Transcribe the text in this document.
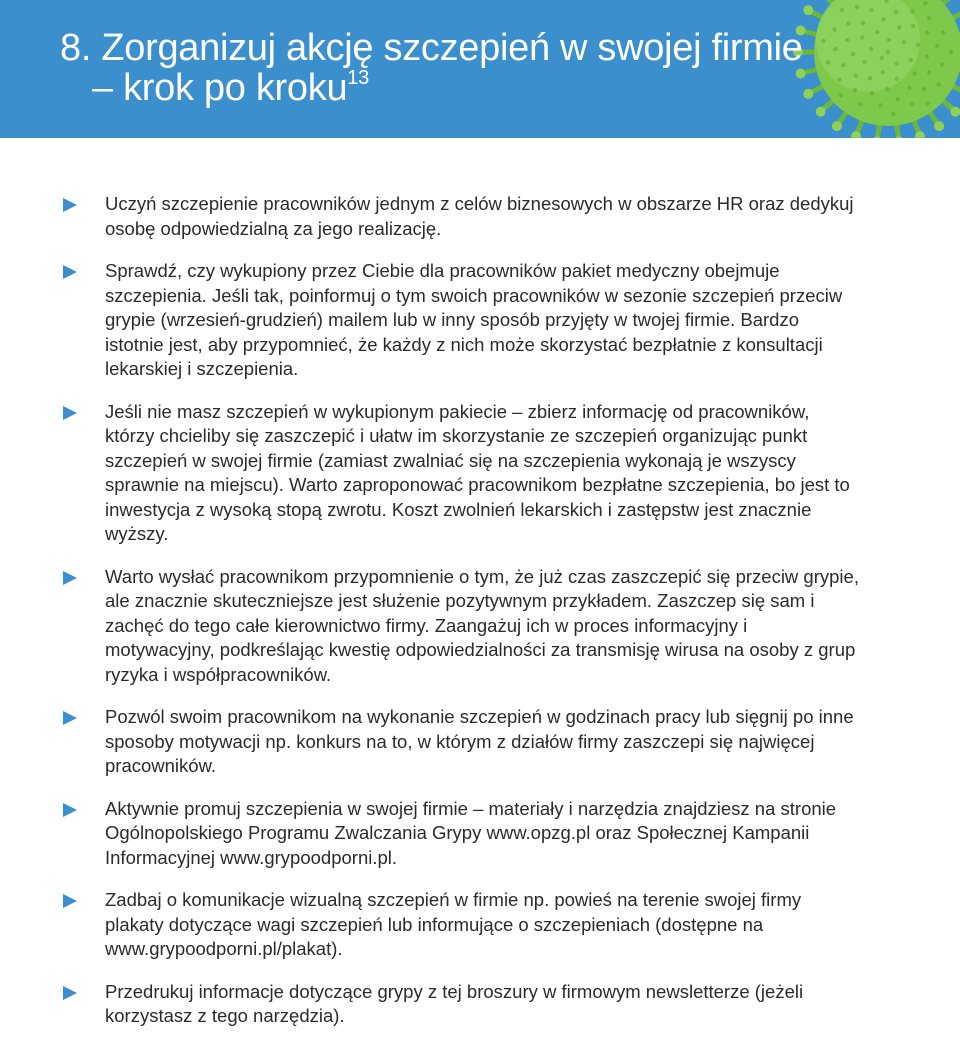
8. Zorganizuj akcję szczepień w swojej firmie
– krok po kroku$^{13}$
Uczyń szczepienie pracowników jednym z celów biznesowych w obszarze HR oraz dedykuj osobę odpowiedzialną za jego realizację.
Sprawdź, czy wykupiony przez Ciebie dla pracowników pakiet medyczny obejmuje szczepienia. Jeśli tak, poinformuj o tym swoich pracowników w sezonie szczepień przeciw grypie (wrzesień-grudzień) mailem lub w inny sposób przyjęty w twojej firmie. Bardzo istotnie jest, aby przypomnieć, że każdy z nich może skorzystać bezpłatnie z konsultacji lekarskiej i szczepienia.
Jeśli nie masz szczepień w wykupionym pakiecie – zbierz informację od pracowników, którzy chcieliby się zaszczepić i ułatw im skorzystanie ze szczepień organizując punkt szczepień w swojej firmie (zamiast zwalniać się na szczepienia wykonają je wszyscy sprawnie na miejscu). Warto zaproponować pracownikom bezpłatne szczepienia, bo jest to inwestycja z wysoką stopą zwrotu. Koszt zwolnień lekarskich i zastępstw jest znacznie wyższy.
Warto wysłać pracownikom przypomnienie o tym, że już czas zaszczepić się przeciw grypie, ale znacznie skuteczniejsze jest służenie pozytywnym przykładem. Zaszczep się sam i zachęć do tego całe kierownictwo firmy. Zaangażuj ich w proces informacyjny i motywacyjny, podkreślając kwestię odpowiedzialności za transmisję wirusa na osoby z grup ryzyka i współpracowników.
Pozwól swoim pracownikom na wykonanie szczepień w godzinach pracy lub sięgnij po inne sposoby motywacji np. konkurs na to, w którym z działów firmy zaszczepi się najwięcej pracowników.
Aktywnie promuj szczepienia w swojej firmie – materiały i narzędzia znajdziesz na stronie Ogólnopolskiego Programu Zwalczania Grypy www.opzg.pl oraz Społecznej Kampanii Informacyjnej www.grypoodporni.pl.
Zadbaj o komunikacje wizualną szczepień w firmie np. powieś na terenie swojej firmy plakaty dotyczące wagi szczepień lub informujące o szczepieniach (dostępne na www.grypoodporni.pl/plakat).
Przedrukuj informacje dotyczące grypy z tej broszury w firmowym newsletterze (jeżeli korzystasz z tego narzędzia).
